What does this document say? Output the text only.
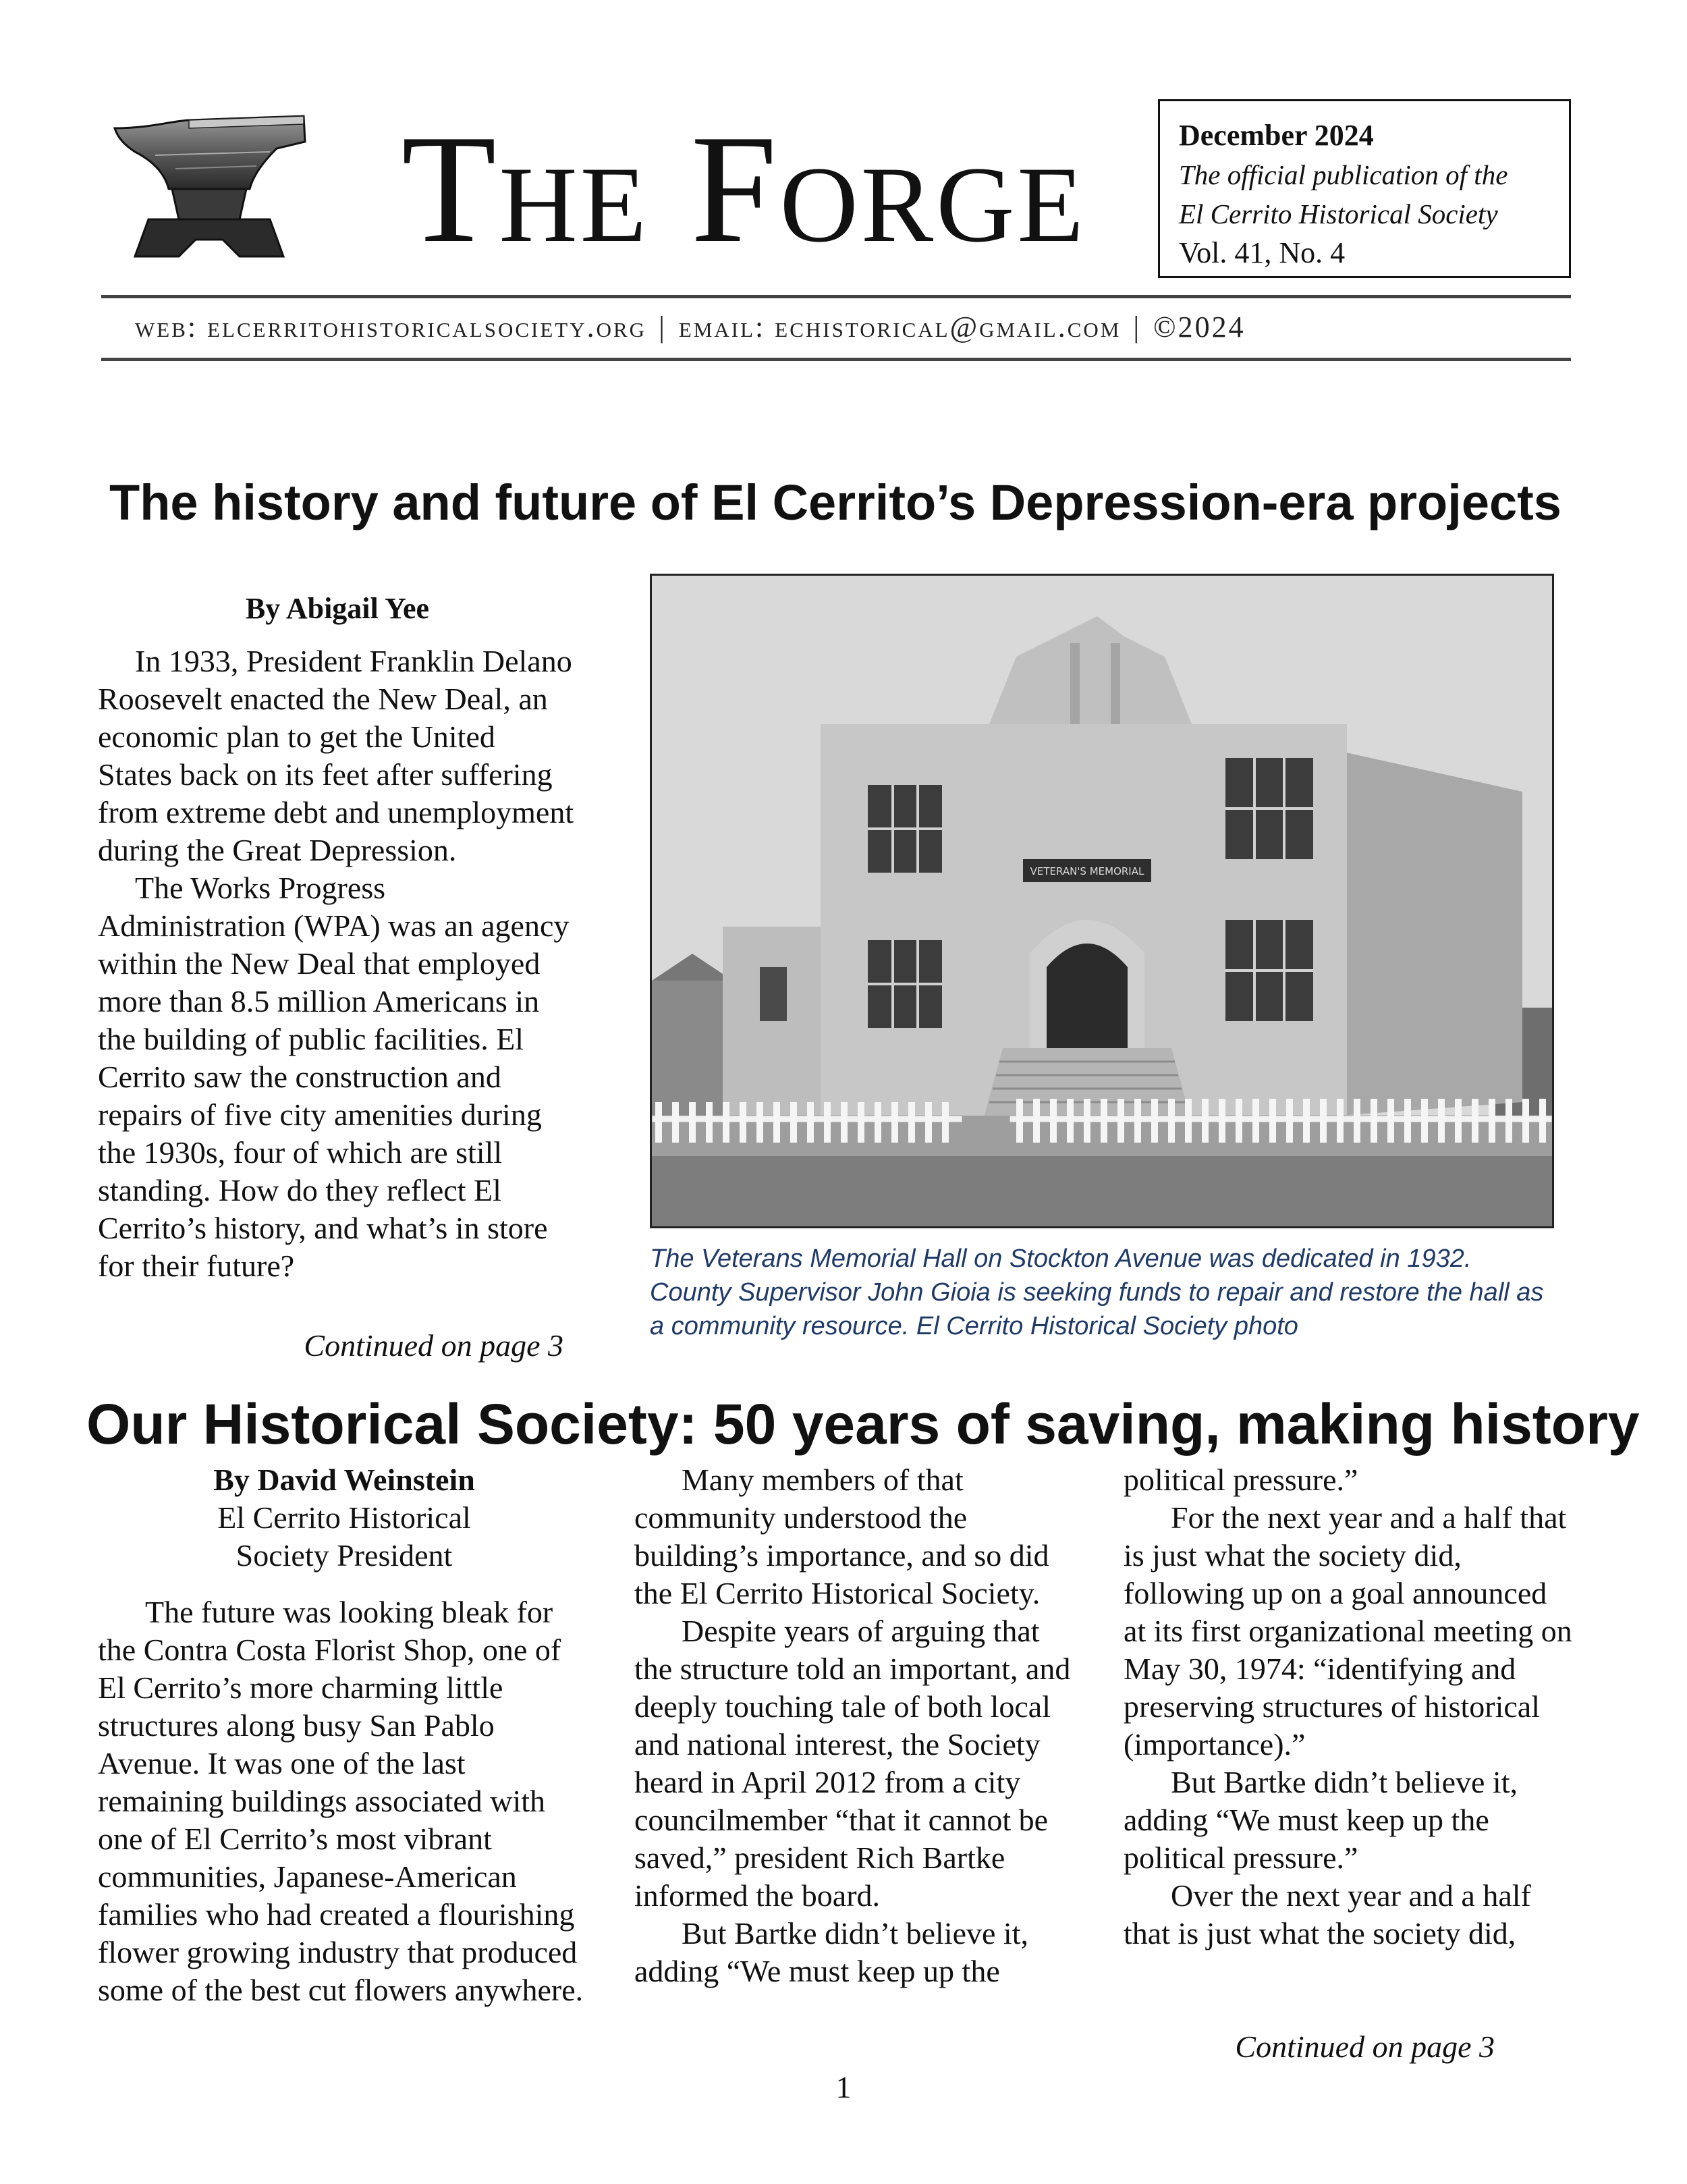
The Forge	December 2024
The official publication of the
El Cerrito Historical Society
Vol. 41, No. 4
web: elcerritohistoricalsociety.org | email: echistorical@gmail.com | ©2024
The history and future of El Cerrito’s Depression-era projects
By Abigail Yee

In 1933, President Franklin Delano Roosevelt enacted the New Deal, an economic plan to get the United States back on its feet after suffering from extreme debt and unemployment during the Great Depression.

The Works Progress Administration (WPA) was an agency within the New Deal that employed more than 8.5 million Americans in the building of public facilities. El Cerrito saw the construction and repairs of five city amenities during the 1930s, four of which are still standing. How do they reflect El Cerrito’s history, and what’s in store for their future?

Continued on page 3
VETERAN'S MEMORIAL
The Veterans Memorial Hall on Stockton Avenue was dedicated in 1932. County Supervisor John Gioia is seeking funds to repair and restore the hall as a community resource. El Cerrito Historical Society photo
Our Historical Society: 50 years of saving, making history
By David Weinstein
El Cerrito Historical
Society President

The future was looking bleak for the Contra Costa Florist Shop, one of El Cerrito’s more charming little structures along busy San Pablo Avenue. It was one of the last remaining buildings associated with one of El Cerrito’s most vibrant communities, Japanese-American families who had created a flourishing flower growing industry that produced some of the best cut flowers anywhere.

Many members of that community understood the building’s importance, and so did the El Cerrito Historical Society.

Despite years of arguing that the structure told an important, and deeply touching tale of both local and national interest, the Society heard in April 2012 from a city councilmember “that it cannot be saved,” president Rich Bartke informed the board.

But Bartke didn’t believe it, adding “We must keep up the

political pressure.”

For the next year and a half that is just what the society did, following up on a goal announced at its first organizational meeting on May 30, 1974: “identifying and preserving structures of historical (importance).”

But Bartke didn’t believe it, adding “We must keep up the political pressure.”

Over the next year and a half that is just what the society did,

Continued on page 3
1
